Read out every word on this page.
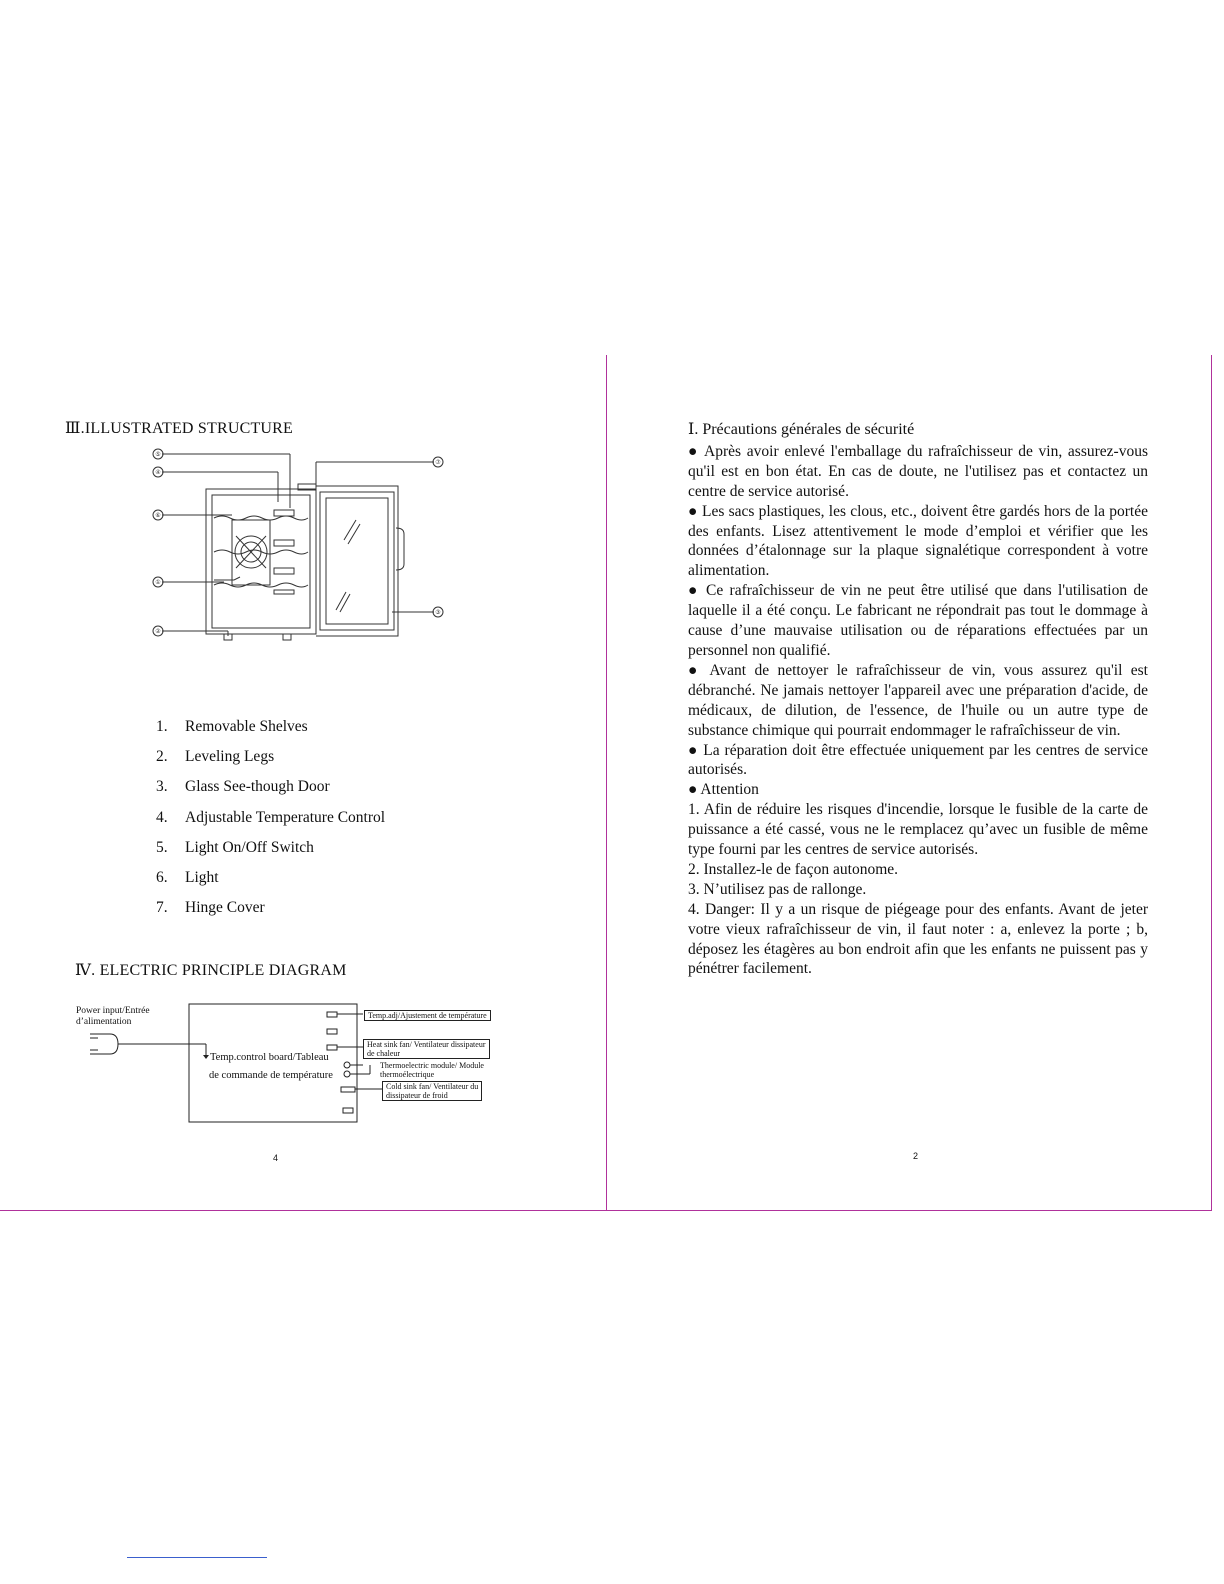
Ⅲ.ILLUSTRATED STRUCTURE
⑤
④
⑦
⑥
①
③
②
1.	Removable Shelves
2.	Leveling Legs
3.	Glass See-though Door
4.	Adjustable Temperature Control
5.	Light On/Off Switch
6.	Light
7.	Hinge Cover
Ⅳ. ELECTRIC PRINCIPLE DIAGRAM
Power input/Entrée
d’alimentation
Temp.control board/Tableau
de commande de température
Temp.adj/Ajustement de température
Heat sink fan/ Ventilateur dissipateur
de chaleur
Thermoelectric module/ Module
thermoélectrique
Cold sink fan/ Ventilateur du
dissipateur de froid
4

Ⅰ. Précautions générales de sécurité

● Après avoir enlevé l'emballage du rafraîchisseur de vin, assurez-vous qu'il est en bon état. En cas de doute, ne l'utilisez pas et contactez un centre de service autorisé.

● Les sacs plastiques, les clous, etc., doivent être gardés hors de la portée des enfants. Lisez attentivement le mode d’emploi et vérifier que les données d’étalonnage sur la plaque signalétique correspondent à votre alimentation.

● Ce rafraîchisseur de vin ne peut être utilisé que dans l'utilisation de laquelle il a été conçu. Le fabricant ne répondrait pas tout le dommage à cause d’une mauvaise utilisation ou de réparations effectuées par un personnel non qualifié.

● Avant de nettoyer le rafraîchisseur de vin, vous assurez qu'il est débranché. Ne jamais nettoyer l'appareil avec une préparation d'acide, de médicaux, de dilution, de l'essence, de l'huile ou un autre type de substance chimique qui pourrait endommager le rafraîchisseur de vin.

● La réparation doit être effectuée uniquement par les centres de service autorisés.

● Attention

1. Afin de réduire les risques d'incendie, lorsque le fusible de la carte de puissance a été cassé, vous ne le remplacez qu’avec un fusible de même type fourni par les centres de service autorisés.

2. Installez-le de façon autonome.

3. N’utilisez pas de rallonge.

4. Danger: Il y a un risque de piégeage pour des enfants. Avant de jeter votre vieux rafraîchisseur de vin, il faut noter : a, enlevez la porte ; b, déposez les étagères au bon endroit afin que les enfants ne puissent pas y pénétrer facilement.

2
